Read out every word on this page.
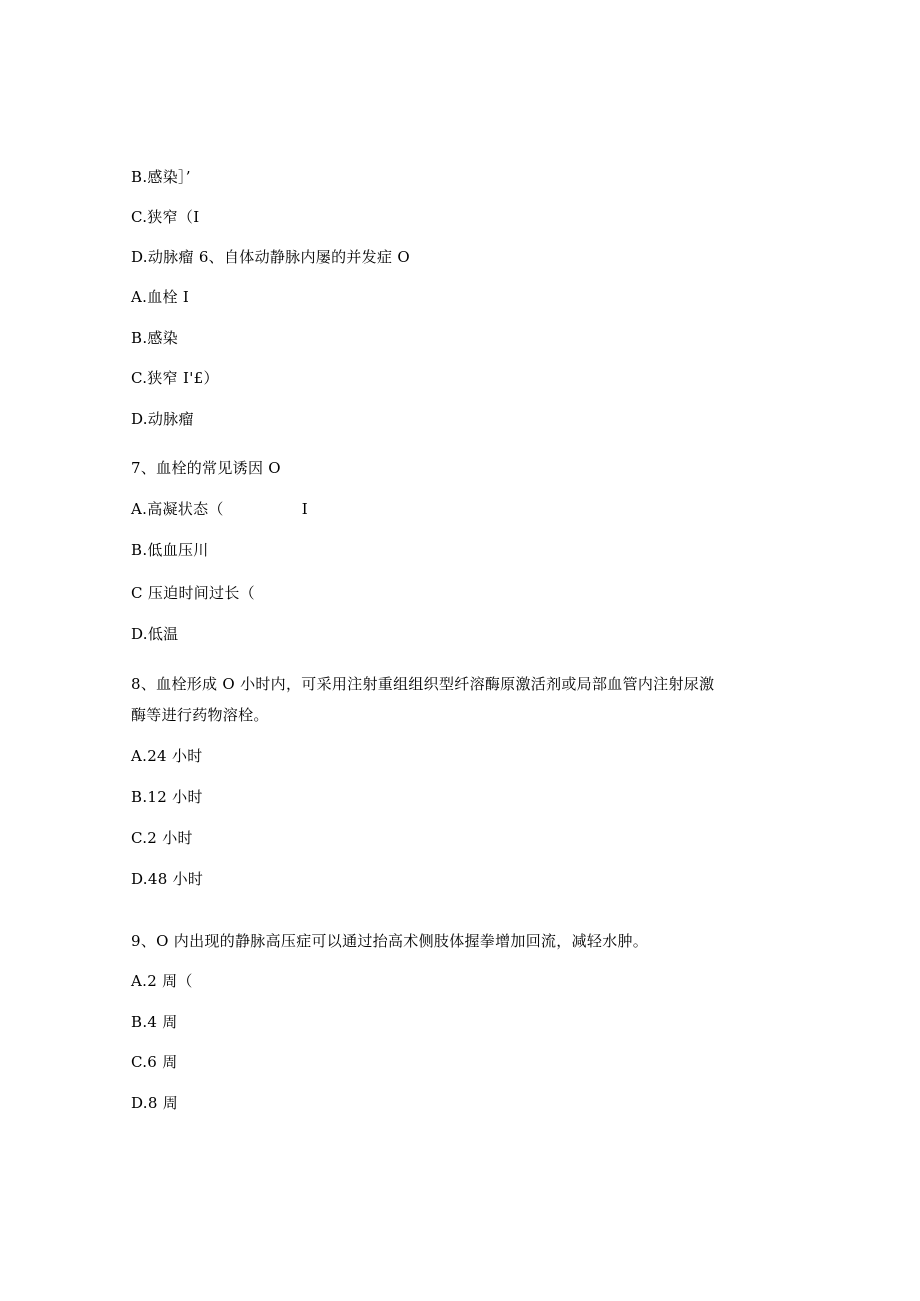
B.感染］’
C.狭窄（I
D.动脉瘤 6、自体动静脉内屡的并发症 O
A.血栓 I
B.感染
C.狭窄 I'£）
D.动脉瘤
7、血栓的常见诱因 O
A.高凝状态（	I
B.低血压川
C 压迫时间过长（
D.低温
8、血栓形成 O 小时内，可采用注射重组组织型纤溶酶原激活剂或局部血管内注射尿激
酶等进行药物溶栓。
A.24 小时
B.12 小时
C.2 小时
D.48 小时
9、O 内出现的静脉高压症可以通过抬高术侧肢体握拳增加回流，减轻水肿。
A.2 周（
B.4 周
C.6 周
D.8 周
